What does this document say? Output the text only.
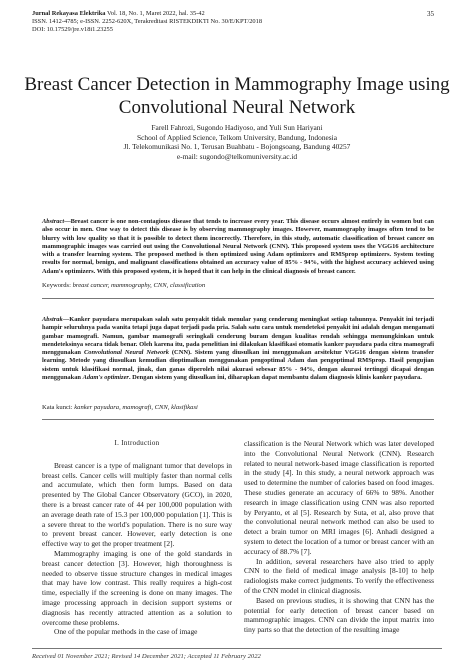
Jurnal Rekayasa Elektrika Vol. 18, No. 1, Maret 2022, hal. 35-42
ISSN. 1412-4785; e-ISSN. 2252-620X, Terakreditasi RISTEKDIKTI No. 30/E/KPT/2018
DOI: 10.17529/jre.v18i1.23255
35
Breast Cancer Detection in Mammography Image using Convolutional Neural Network
Farell Fahrozi, Sugondo Hadiyoso, and Yuli Sun Hariyani
School of Applied Science, Telkom University, Bandung, Indonesia
Jl. Telekomunikasi No. 1, Terusan Buahbatu - Bojongsoang, Bandung 40257
e-mail: sugondo@telkomuniversity.ac.id
Abstract—Breast cancer is one non-contagious disease that tends to increase every year. This disease occurs almost entirely in women but can also occur in men. One way to detect this disease is by observing mammography images. However, mammography images often tend to be blurry with low quality so that it is possible to detect them incorrectly. Therefore, in this study, automatic classification of breast cancer on mammographic images was carried out using the Convolutional Neural Network (CNN). This proposed system uses the VGG16 architecture with a transfer learning system. The proposed method is then optimized using Adam optimizers and RMSprop optimizers. System testing results for normal, benign, and malignant classifications obtained an accuracy value of 85% - 94%, with the highest accuracy achieved using Adam's optimizers. With this proposed system, it is hoped that it can help in the clinical diagnosis of breast cancer.
Keywords: breast cancer, mammography, CNN, classification
Abstrak—Kanker payudara merupakan salah satu penyakit tidak menular yang cenderung meningkat setiap tahunnya. Penyakit ini terjadi hampir seluruhnya pada wanita tetapi juga dapat terjadi pada pria. Salah satu cara untuk mendeteksi penyakit ini adalah dengan mengamati gambar mamografi. Namun, gambar mamografi seringkali cenderung buram dengan kualitas rendah sehingga memungkinkan untuk mendeteksinya secara tidak benar. Oleh karena itu, pada penelitian ini dilakukan klasifikasi otomatis kanker payudara pada citra mamografi menggunakan Convolutional Neural Network (CNN). Sistem yang diusulkan ini menggunakan arsitektur VGG16 dengan sistem transfer learning. Metode yang diusulkan kemudian dioptimalkan menggunakan pengoptimal Adam dan pengoptimal RMSprop. Hasil pengujian sistem untuk klasifikasi normal, jinak, dan ganas diperoleh nilai akurasi sebesar 85% - 94%, dengan akurasi tertinggi dicapai dengan menggunakan Adam's optimizer. Dengan sistem yang diusulkan ini, diharapkan dapat membantu dalam diagnosis klinis kanker payudara.
Kata kunci: kanker payudara, mamografi, CNN, klasifikasi
I. Introduction

Breast cancer is a type of malignant tumor that develops in breast cells. Cancer cells will multiply faster than normal cells and accumulate, which then form lumps. Based on data presented by The Global Cancer Observatory (GCO), in 2020, there is a breast cancer rate of 44 per 100,000 population with an average death rate of 15.3 per 100,000 population [1]. This is a severe threat to the world's population. There is no sure way to prevent breast cancer. However, early detection is one effective way to get the proper treatment [2].

Mammography imaging is one of the gold standards in breast cancer detection [3]. However, high thoroughness is needed to observe tissue structure changes in medical images that may have low contrast. This really requires a high-cost time, especially if the screening is done on many images. The image processing approach in decision support systems or diagnosis has recently attracted attention as a solution to overcome these problems.

One of the popular methods in the case of image

classification is the Neural Network which was later developed into the Convolutional Neural Network (CNN). Research related to neural network-based image classification is reported in the study [4]. In this study, a neural network approach was used to determine the number of calories based on food images. These studies generate an accuracy of 66% to 98%. Another research in image classification using CNN was also reported by Peryanto, et al [5]. Research by Suta, et al, also prove that the convolutional neural network method can also be used to detect a brain tumor on MRI images [6]. Anhadi designed a system to detect the location of a tumor or breast cancer with an accuracy of 88.7% [7].

In addition, several researchers have also tried to apply CNN to the field of medical image analysis [8-10] to help radiologists make correct judgments. To verify the effectiveness of the CNN model in clinical diagnosis.

Based on previous studies, it is showing that CNN has the potential for early detection of breast cancer based on mammographic images. CNN can divide the input matrix into tiny parts so that the detection of the resulting image

Received 01 November 2021; Revised 14 December 2021; Accepted 11 February 2022
